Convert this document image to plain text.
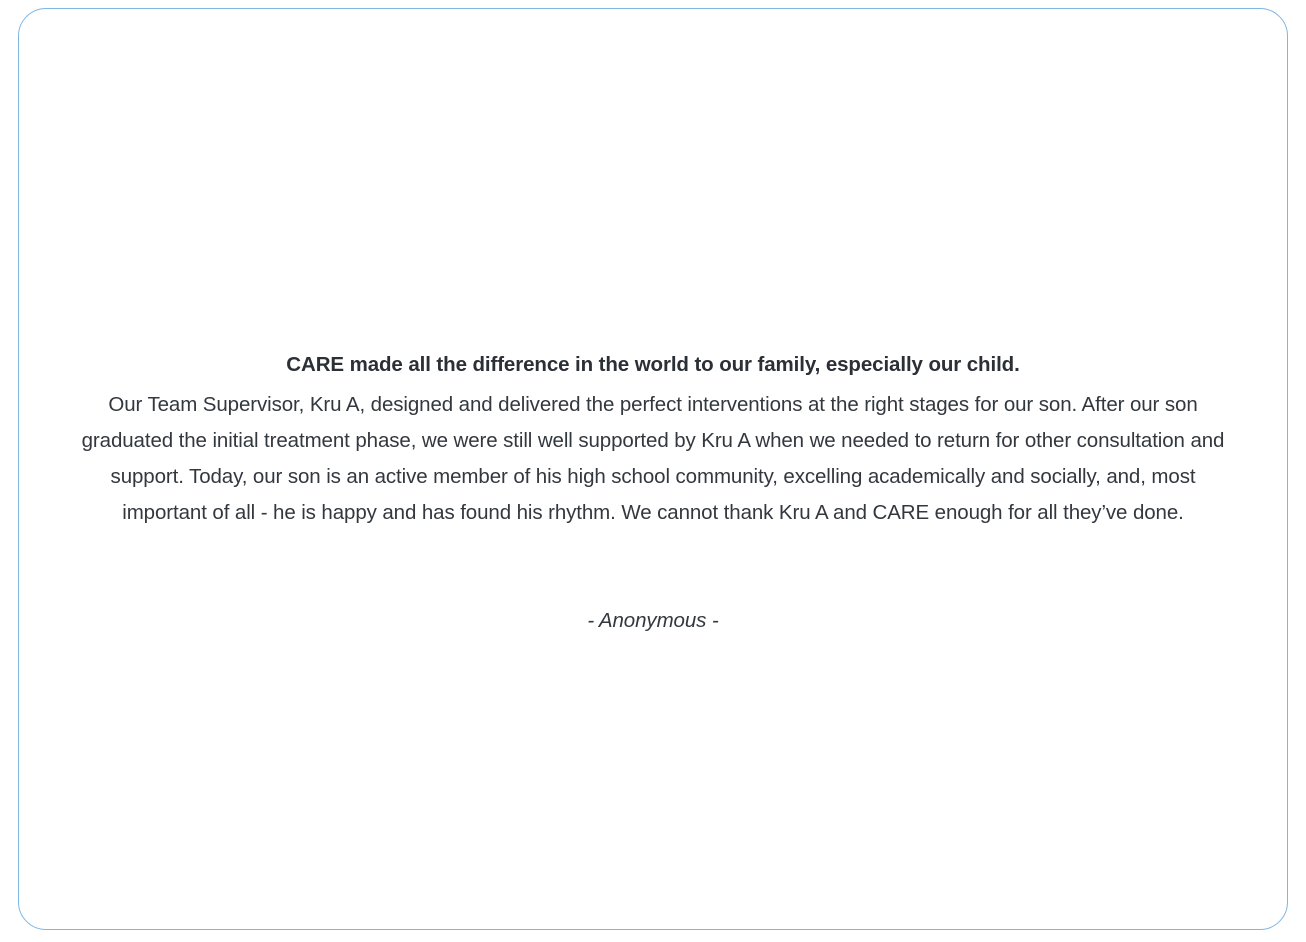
CARE made all the difference in the world to our family, especially our child.
Our Team Supervisor, Kru A, designed and delivered the perfect interventions at the right stages for our son. After our son graduated the initial treatment phase, we were still well supported by Kru A when we needed to return for other consultation and support. Today, our son is an active member of his high school community, excelling academically and socially, and, most important of all - he is happy and has found his rhythm. We cannot thank Kru A and CARE enough for all they’ve done.
- Anonymous -
